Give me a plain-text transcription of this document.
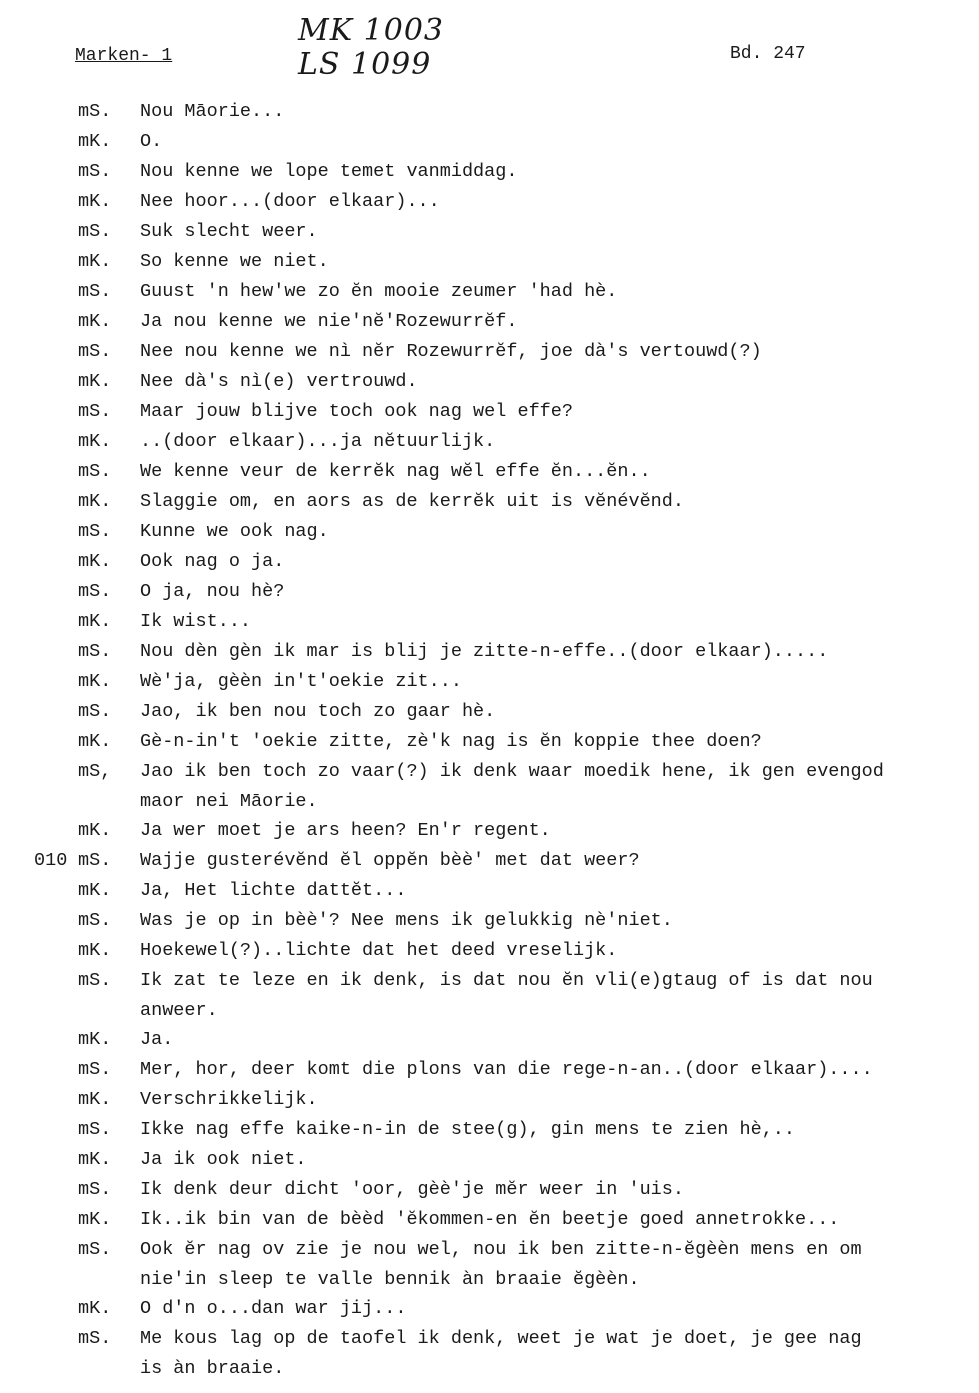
Marken- 1
MK 1003
LS 1099	Bd. 247
mS.	Nou Māorie...
mK.	O.
mS.	Nou kenne we lope temet vanmiddag.
mK.	Nee hoor...(door elkaar)...
mS.	Suk slecht weer.
mK.	So kenne we niet.
mS.	Guust 'n hew'we zo ĕn mooie zeumer 'had hè.
mK.	Ja nou kenne we nie'nĕ'Rozewurrĕf.
mS.	Nee nou kenne we nì nĕr Rozewurrĕf, joe dà's vertouwd(?)
mK.	Nee dà's nì(e) vertrouwd.
mS.	Maar jouw blijve toch ook nag wel effe?
mK.	..(door elkaar)...ja nĕtuurlijk.
mS.	We kenne veur de kerrĕk nag wĕl effe ĕn...ĕn..
mK.	Slaggie om, en aors as de kerrĕk uit is vĕnévĕnd.
mS.	Kunne we ook nag.
mK.	Ook nag o ja.
mS.	O ja, nou hè?
mK.	Ik wist...
mS.	Nou dèn gèn ik mar is blij je zitte-n-effe..(door elkaar).....
mK.	Wè'ja, gèèn in't'oekie zit...
mS.	Jao, ik ben nou toch zo gaar hè.
mK.	Gè-n-in't 'oekie zitte, zè'k nag is ĕn koppie thee doen?
mS,	Jao ik ben toch zo vaar(?) ik denk waar moedik hene, ik gen evengod
maor nei Māorie.
mK.	Ja wer moet je ars heen? En'r regent.
010 mS.	Wajje gusterévĕnd ĕl oppĕn bèè' met dat weer?
mK.	Ja, Het lichte dattĕt...
mS.	Was je op in bèè'? Nee mens ik gelukkig nè'niet.
mK.	Hoekewel(?)..lichte dat het deed vreselijk.
mS.	Ik zat te leze en ik denk, is dat nou ĕn vli(e)gtaug of is dat nou
anweer.
mK.	Ja.
mS.	Mer, hor, deer komt die plons van die rege-n-an..(door elkaar)....
mK.	Verschrikkelijk.
mS.	Ikke nag effe kaike-n-in de stee(g), gin mens te zien hè,..
mK.	Ja ik ook niet.
mS.	Ik denk deur dicht 'oor, gèè'je mĕr weer in 'uis.
mK.	Ik..ik bin van de bèèd 'ĕkommen-en ĕn beetje goed annetrokke...
mS.	Ook ĕr nag ov zie je nou wel, nou ik ben zitte-n-ĕgèèn mens en om
nie'in sleep te valle bennik àn braaie ĕgèèn.
mK.	O d'n o...dan war jij...
mS.	Me kous lag op de taofel ik denk, weet je wat je doet, je gee nag
is àn braaie.
